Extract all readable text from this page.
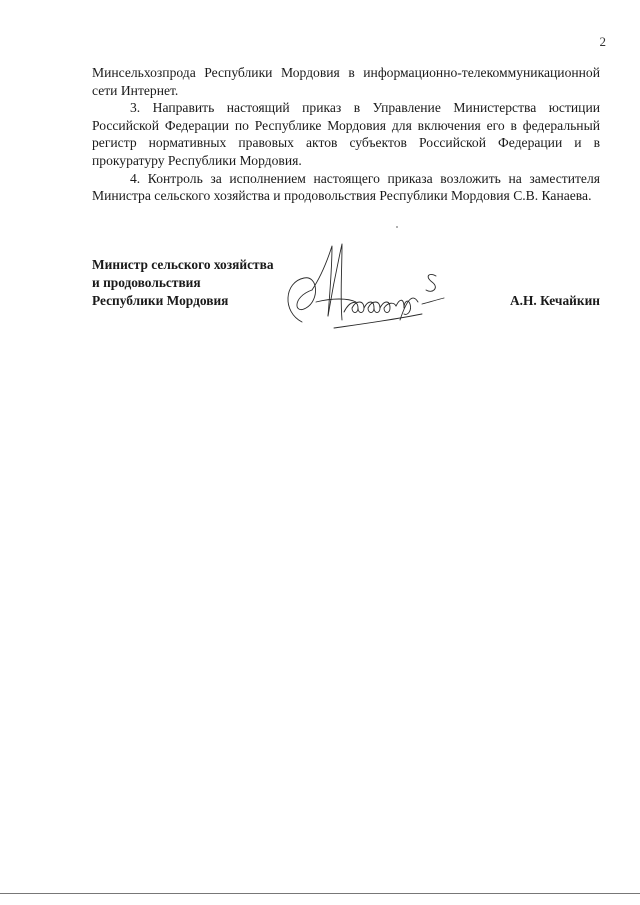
2

Минсельхозпрода Республики Мордовия в информационно-телекоммуникационной сети Интернет.

3. Направить настоящий приказ в Управление Министерства юстиции Российской Федерации по Республике Мордовия для включения его в федеральный регистр нормативных правовых актов субъектов Российской Федерации и в прокуратуру Республики Мордовия.

4. Контроль за исполнением настоящего приказа возложить на заместителя Министра сельского хозяйства и продовольствия Республики Мордовия С.В. Канаева.

Министр сельского хозяйства
и продовольствия
Республики Мордовия	А.Н. Кечайкин
